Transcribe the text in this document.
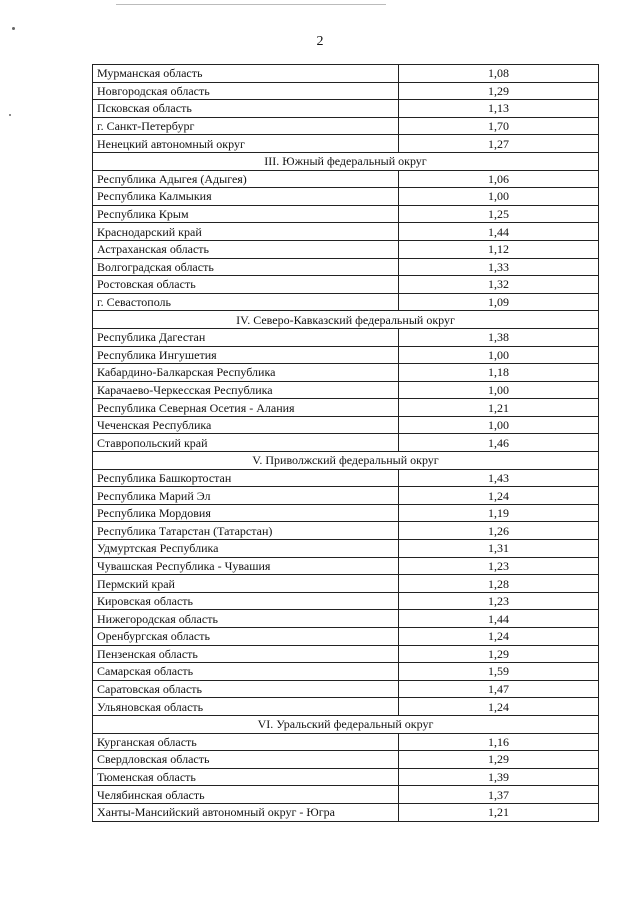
2
Мурманская область	1,08
Новгородская область	1,29
Псковская область	1,13
г. Санкт-Петербург	1,70
Ненецкий автономный округ	1,27
III. Южный федеральный округ	
Республика Адыгея (Адыгея)	1,06
Республика Калмыкия	1,00
Республика Крым	1,25
Краснодарский край	1,44
Астраханская область	1,12
Волгоградская область	1,33
Ростовская область	1,32
г. Севастополь	1,09
IV. Северо-Кавказский федеральный округ	
Республика Дагестан	1,38
Республика Ингушетия	1,00
Кабардино-Балкарская Республика	1,18
Карачаево-Черкесская Республика	1,00
Республика Северная Осетия - Алания	1,21
Чеченская Республика	1,00
Ставропольский край	1,46
V. Приволжский федеральный округ	
Республика Башкортостан	1,43
Республика Марий Эл	1,24
Республика Мордовия	1,19
Республика Татарстан (Татарстан)	1,26
Удмуртская Республика	1,31
Чувашская Республика - Чувашия	1,23
Пермский край	1,28
Кировская область	1,23
Нижегородская область	1,44
Оренбургская область	1,24
Пензенская область	1,29
Самарская область	1,59
Саратовская область	1,47
Ульяновская область	1,24
VI. Уральский федеральный округ	
Курганская область	1,16
Свердловская область	1,29
Тюменская область	1,39
Челябинская область	1,37
Ханты-Мансийский автономный округ - Югра	1,21
